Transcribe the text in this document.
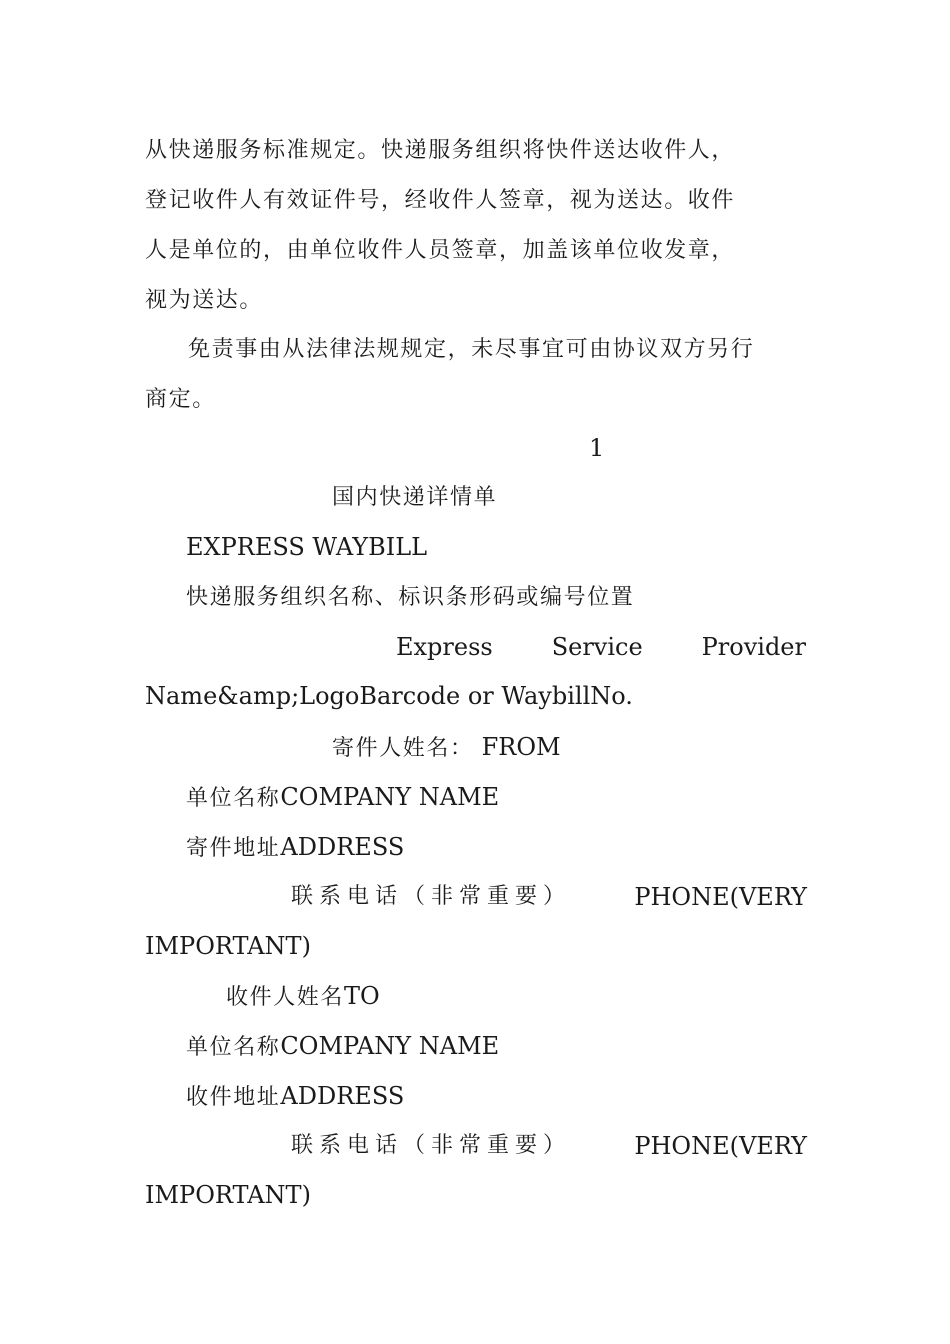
从快递服务标准规定。快递服务组织将快件送达收件人，

登记收件人有效证件号，经收件人签章，视为送达。收件

人是单位的，由单位收件人员签章，加盖该单位收发章，

视为送达。

免责事由从法律法规规定，未尽事宜可由协议双方另行

商定。

1

国内快递详情单

EXPRESS WAYBILL

快递服务组织名称、标识条形码或编号位置

Express Service Provider

Name&amp;LogoBarcode or WaybillNo.

寄件人姓名： FROM

单位名称COMPANY NAME

寄件地址ADDRESS

联系电话（非常重要）	PHONE(VERY

IMPORTANT)

收件人姓名TO

单位名称COMPANY NAME

收件地址ADDRESS

联系电话（非常重要）	PHONE(VERY

IMPORTANT)
